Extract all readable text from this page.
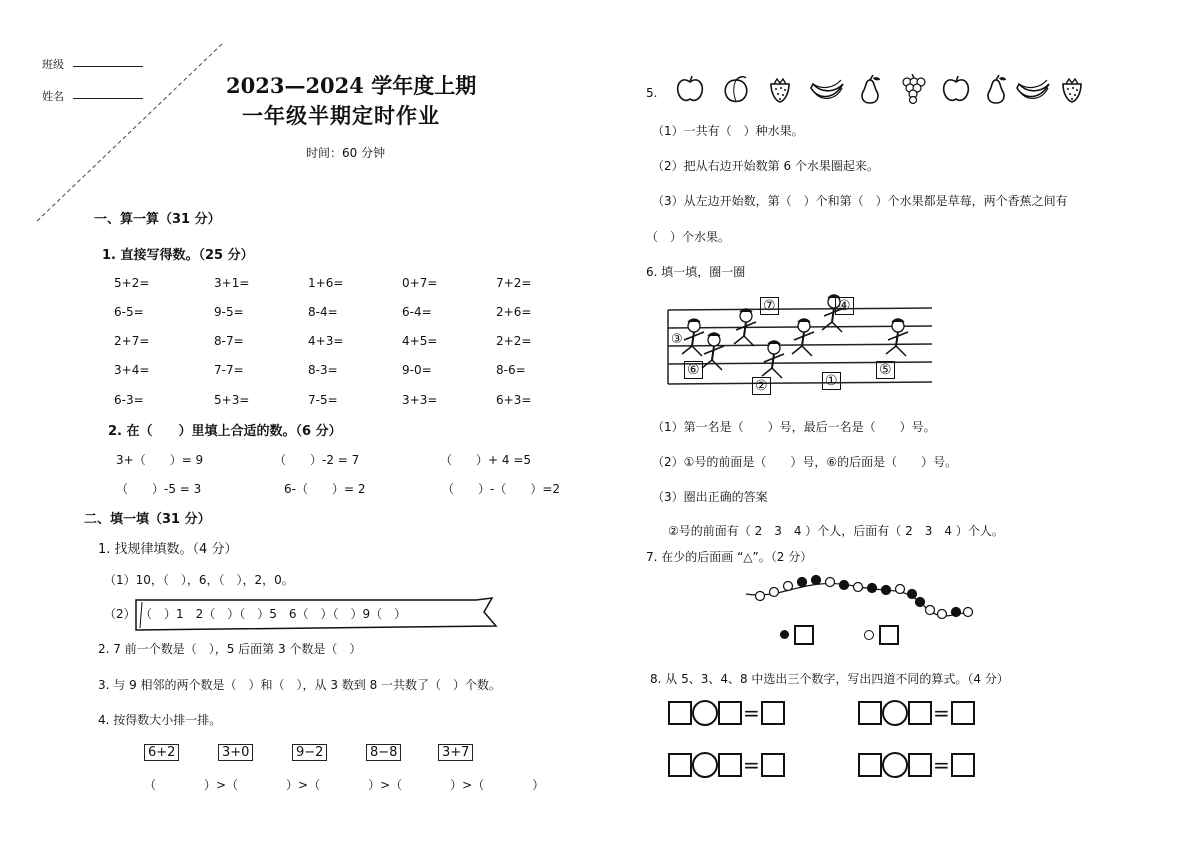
班级
姓名	2023—2024 学年度上期
一年级半期定时作业
时间：60 分钟
一、算一算（31 分）
1. 直接写得数。（25 分）
5+2=	3+1=	1+6=	0+7=	7+2=
6-5=	9-5=	8-4=	6-4=	2+6=
2+7=	8-7=	4+3=	4+5=	2+2=
3+4=	7-7=	8-3=	9-0=	8-6=
6-3=	5+3=	7-5=	3+3=	6+3=
2. 在（　　）里填上合适的数。（6 分）
3+（　　）= 9	（　　）-2 = 7	（　　）+ 4 =5
（　　）-5 = 3	6-（　　）= 2	（　　）-（　　）=2
二、填一填（31 分）
1. 找规律填数。（4 分）
（1）10，（　），6，（　），2，0。
（2） （　）1　2（　）（　）5　6（　）（　）9（　）
2. 7 前一个数是（　），5 后面第 3 个数是（　）
3. 与 9 相邻的两个数是（　）和（　），从 3 数到 8 一共数了（　）个数。
4. 按得数大小排一排。
6+2	3+0	9−2	8−8	3+7
（　　　　）>（　　　　）>（　　　　）>（　　　　）>（　　　　）
5.
（1）一共有（　）种水果。
（2）把从右边开始数第 6 个水果圈起来。
（3）从左边开始数，第（　）个和第（　）个水果都是草莓，两个香蕉之间有
（　）个水果。
6. 填一填，圈一圈
⑦	④
③
⑥
②	①
⑤
（1）第一名是（　　）号，最后一名是（　　）号。
（2）①号的前面是（　　）号，⑥的后面是（　　）号。
（3）圈出正确的答案
②号的前面有（ 2　3　4 ）个人，后面有（ 2　3　4 ）个人。
7. 在少的后面画 “△”。（2 分）

8. 从 5、3、4、8 中选出三个数字，写出四道不同的算式。（4 分）
=	=
=	=
